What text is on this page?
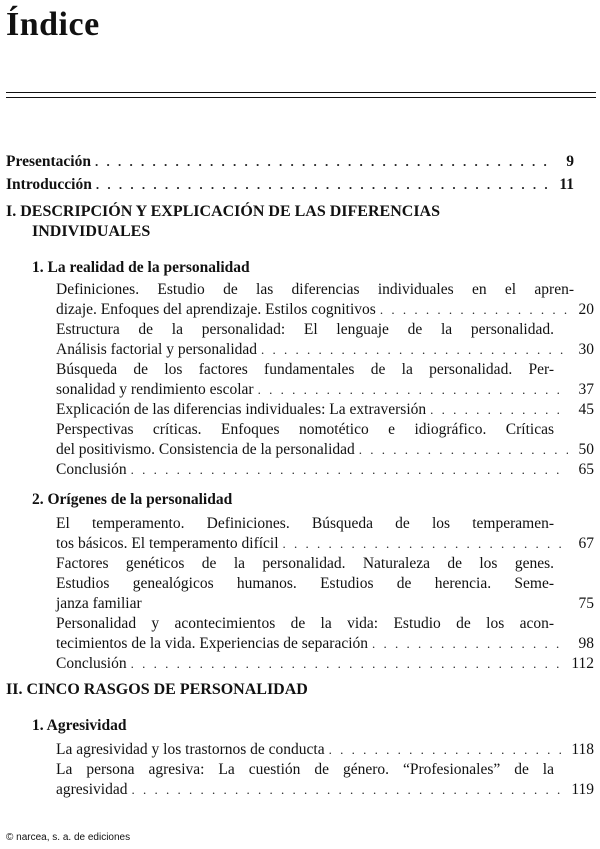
Índice
Presentación . . .	9
Introducción . . .	11
I. DESCRIPCIÓN Y EXPLICACIÓN DE LAS DIFERENCIAS
INDIVIDUALES
1. La realidad de la personalidad
Definiciones. Estudio de las diferencias individuales en el apren-
dizaje. Enfoques del aprendizaje. Estilos cognitivos . . .	20
Estructura de la personalidad: El lenguaje de la personalidad.
Análisis factorial y personalidad . . .	30
Búsqueda de los factores fundamentales de la personalidad. Per-
sonalidad y rendimiento escolar . . .	37
Explicación de las diferencias individuales: La extraversión . . .	45
Perspectivas críticas. Enfoques nomotético e idiográfico. Críticas
del positivismo. Consistencia de la personalidad . . .	50
Conclusión . . .	65
2. Orígenes de la personalidad
El temperamento. Definiciones. Búsqueda de los temperamen-
tos básicos. El temperamento difícil . . .	67
Factores genéticos de la personalidad. Naturaleza de los genes.
Estudios genealógicos humanos. Estudios de herencia. Seme-
janza familiar	75
Personalidad y acontecimientos de la vida: Estudio de los acon-
tecimientos de la vida. Experiencias de separación . . .	98
Conclusión . . .	112
II. CINCO RASGOS DE PERSONALIDAD
1. Agresividad
La agresividad y los trastornos de conducta . . .	118
La persona agresiva: La cuestión de género. “Profesionales” de la
agresividad . . .	119
© narcea, s. a. de ediciones
